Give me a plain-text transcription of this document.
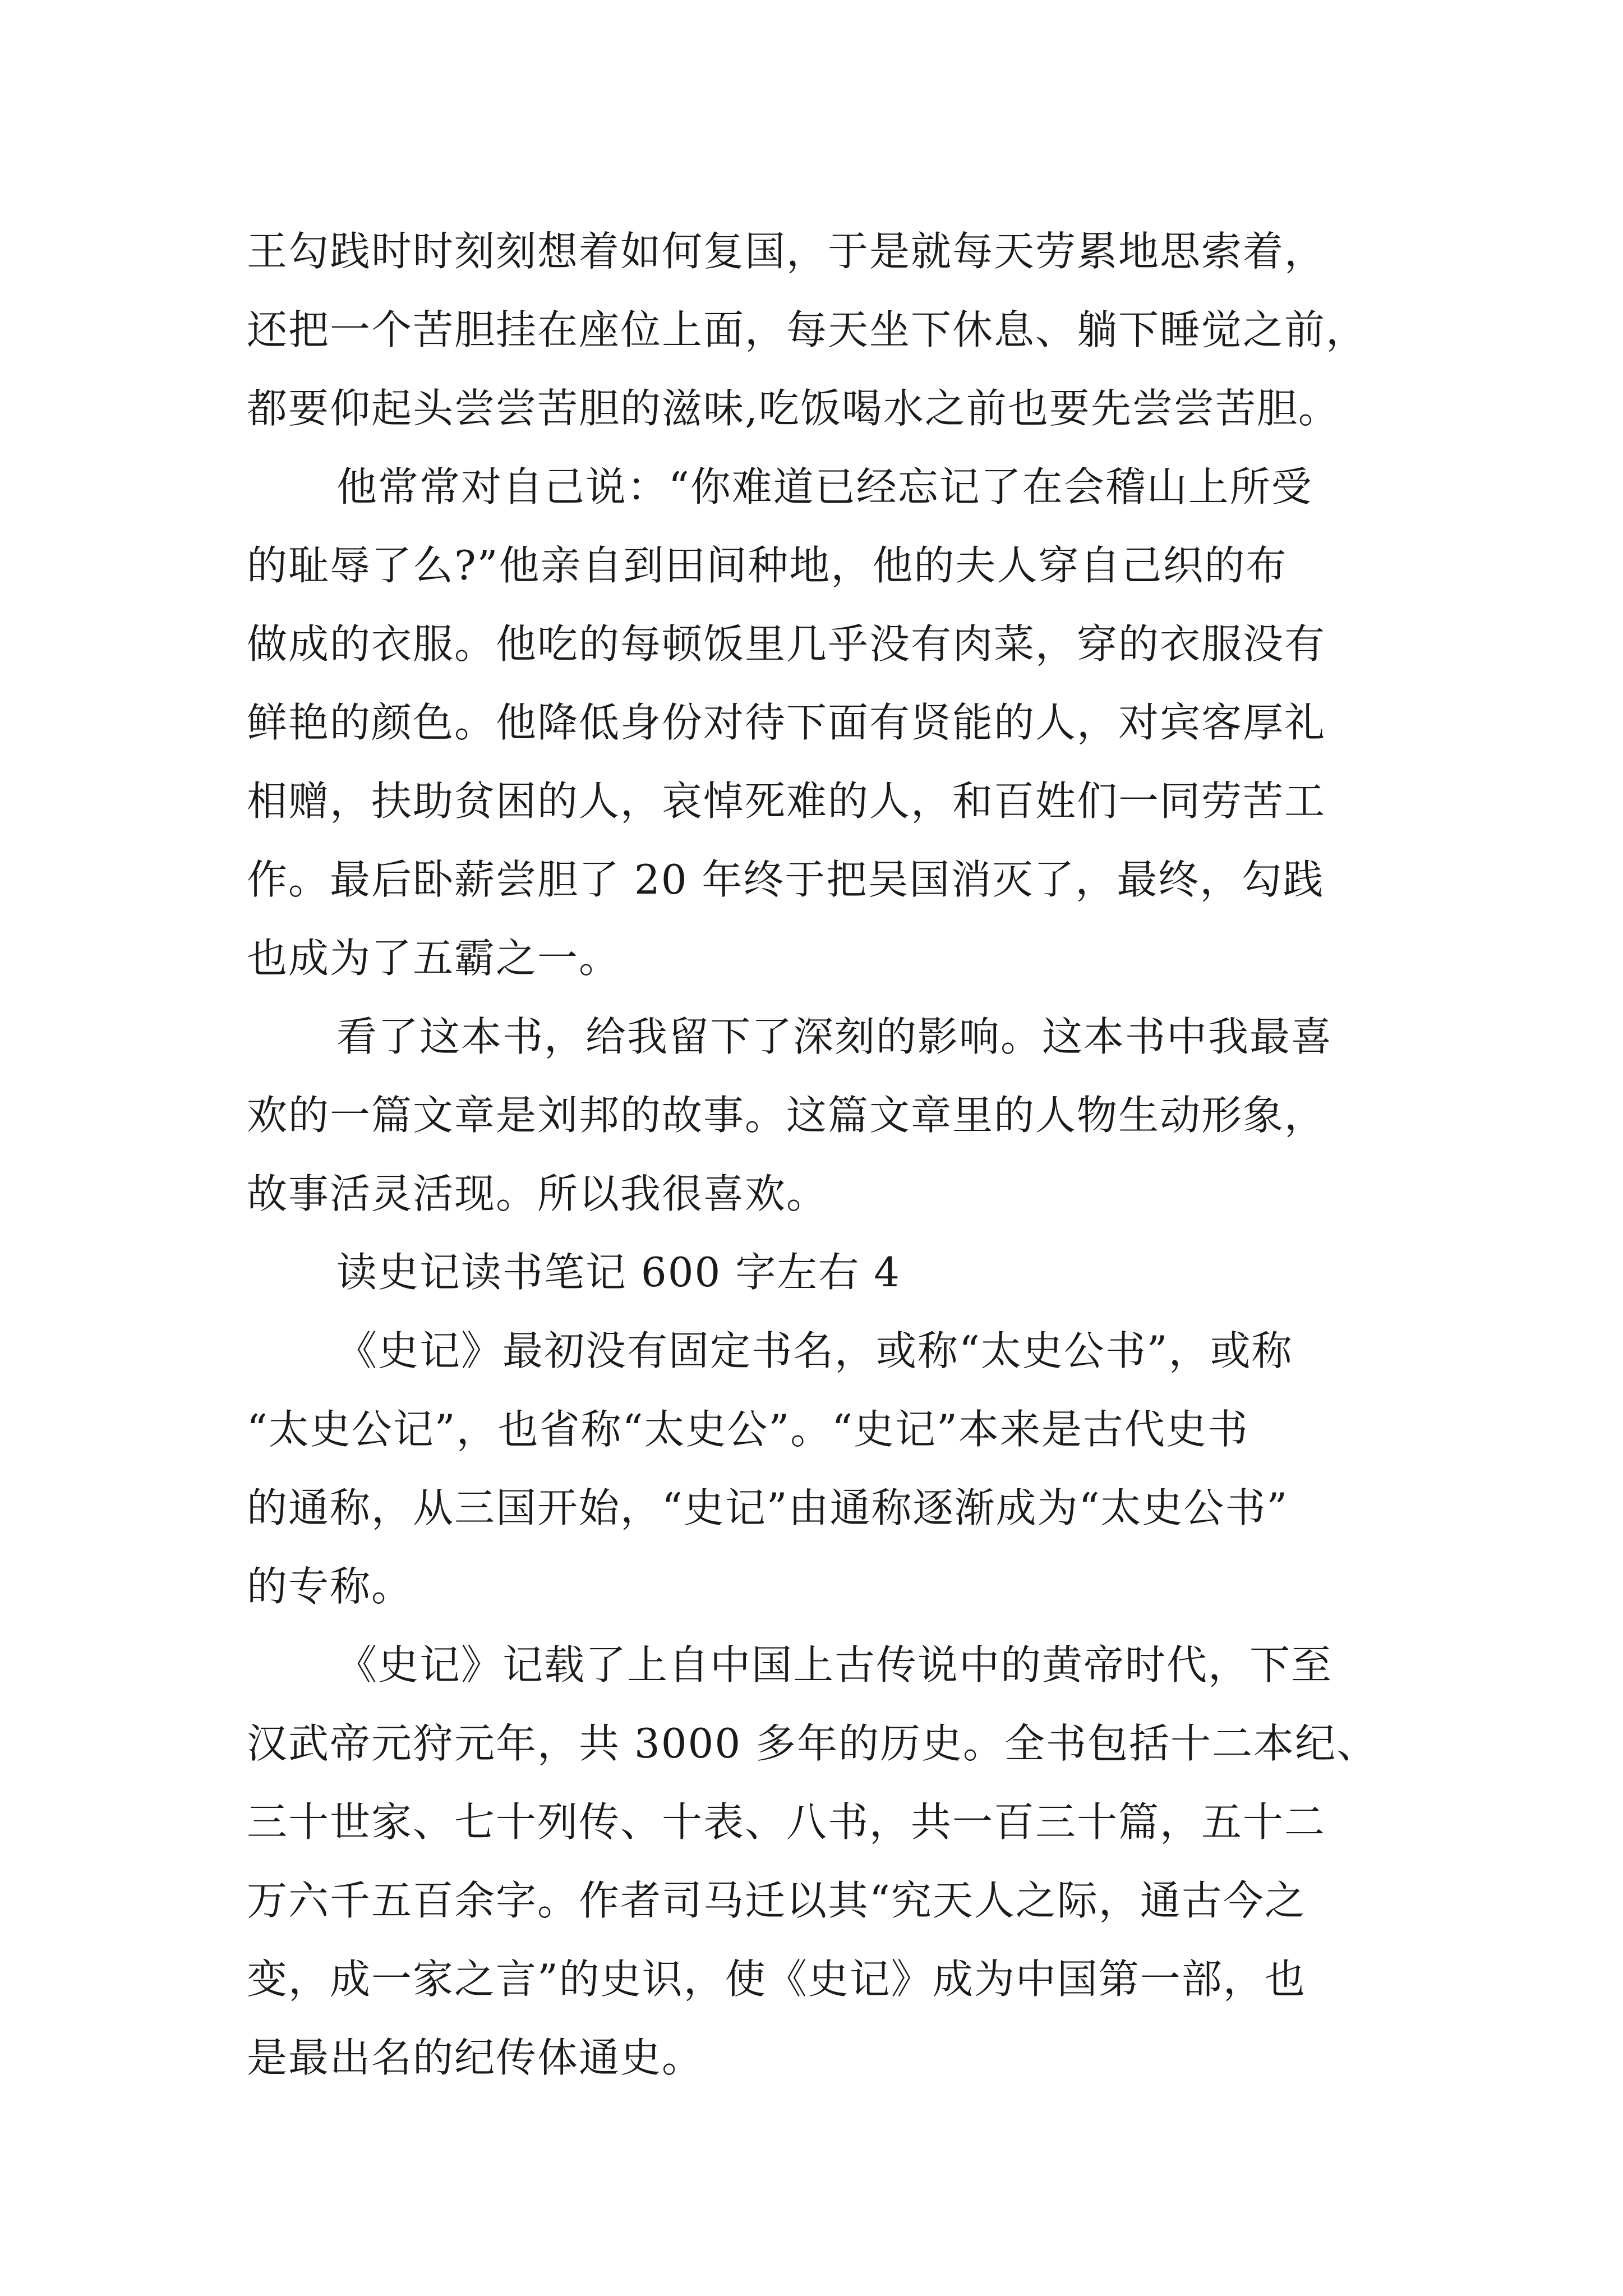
王勾践时时刻刻想着如何复国，于是就每天劳累地思索着，

还把一个苦胆挂在座位上面，每天坐下休息、躺下睡觉之前，

都要仰起头尝尝苦胆的滋味,吃饭喝水之前也要先尝尝苦胆。

他常常对自己说：“你难道已经忘记了在会稽山上所受

的耻辱了么?”他亲自到田间种地，他的夫人穿自己织的布

做成的衣服。他吃的每顿饭里几乎没有肉菜，穿的衣服没有

鲜艳的颜色。他降低身份对待下面有贤能的人，对宾客厚礼

相赠，扶助贫困的人，哀悼死难的人，和百姓们一同劳苦工

作。最后卧薪尝胆了 20 年终于把吴国消灭了，最终，勾践

也成为了五霸之一。

看了这本书，给我留下了深刻的影响。这本书中我最喜

欢的一篇文章是刘邦的故事。这篇文章里的人物生动形象，

故事活灵活现。所以我很喜欢。

读史记读书笔记 600 字左右 4

《史记》最初没有固定书名，或称“太史公书”，或称

“太史公记”，也省称“太史公”。“史记”本来是古代史书

的通称，从三国开始，“史记”由通称逐渐成为“太史公书”

的专称。

《史记》记载了上自中国上古传说中的黄帝时代，下至

汉武帝元狩元年，共 3000 多年的历史。全书包括十二本纪、

三十世家、七十列传、十表、八书，共一百三十篇，五十二

万六千五百余字。作者司马迁以其“究天人之际，通古今之

变，成一家之言”的史识，使《史记》成为中国第一部，也

是最出名的纪传体通史。
